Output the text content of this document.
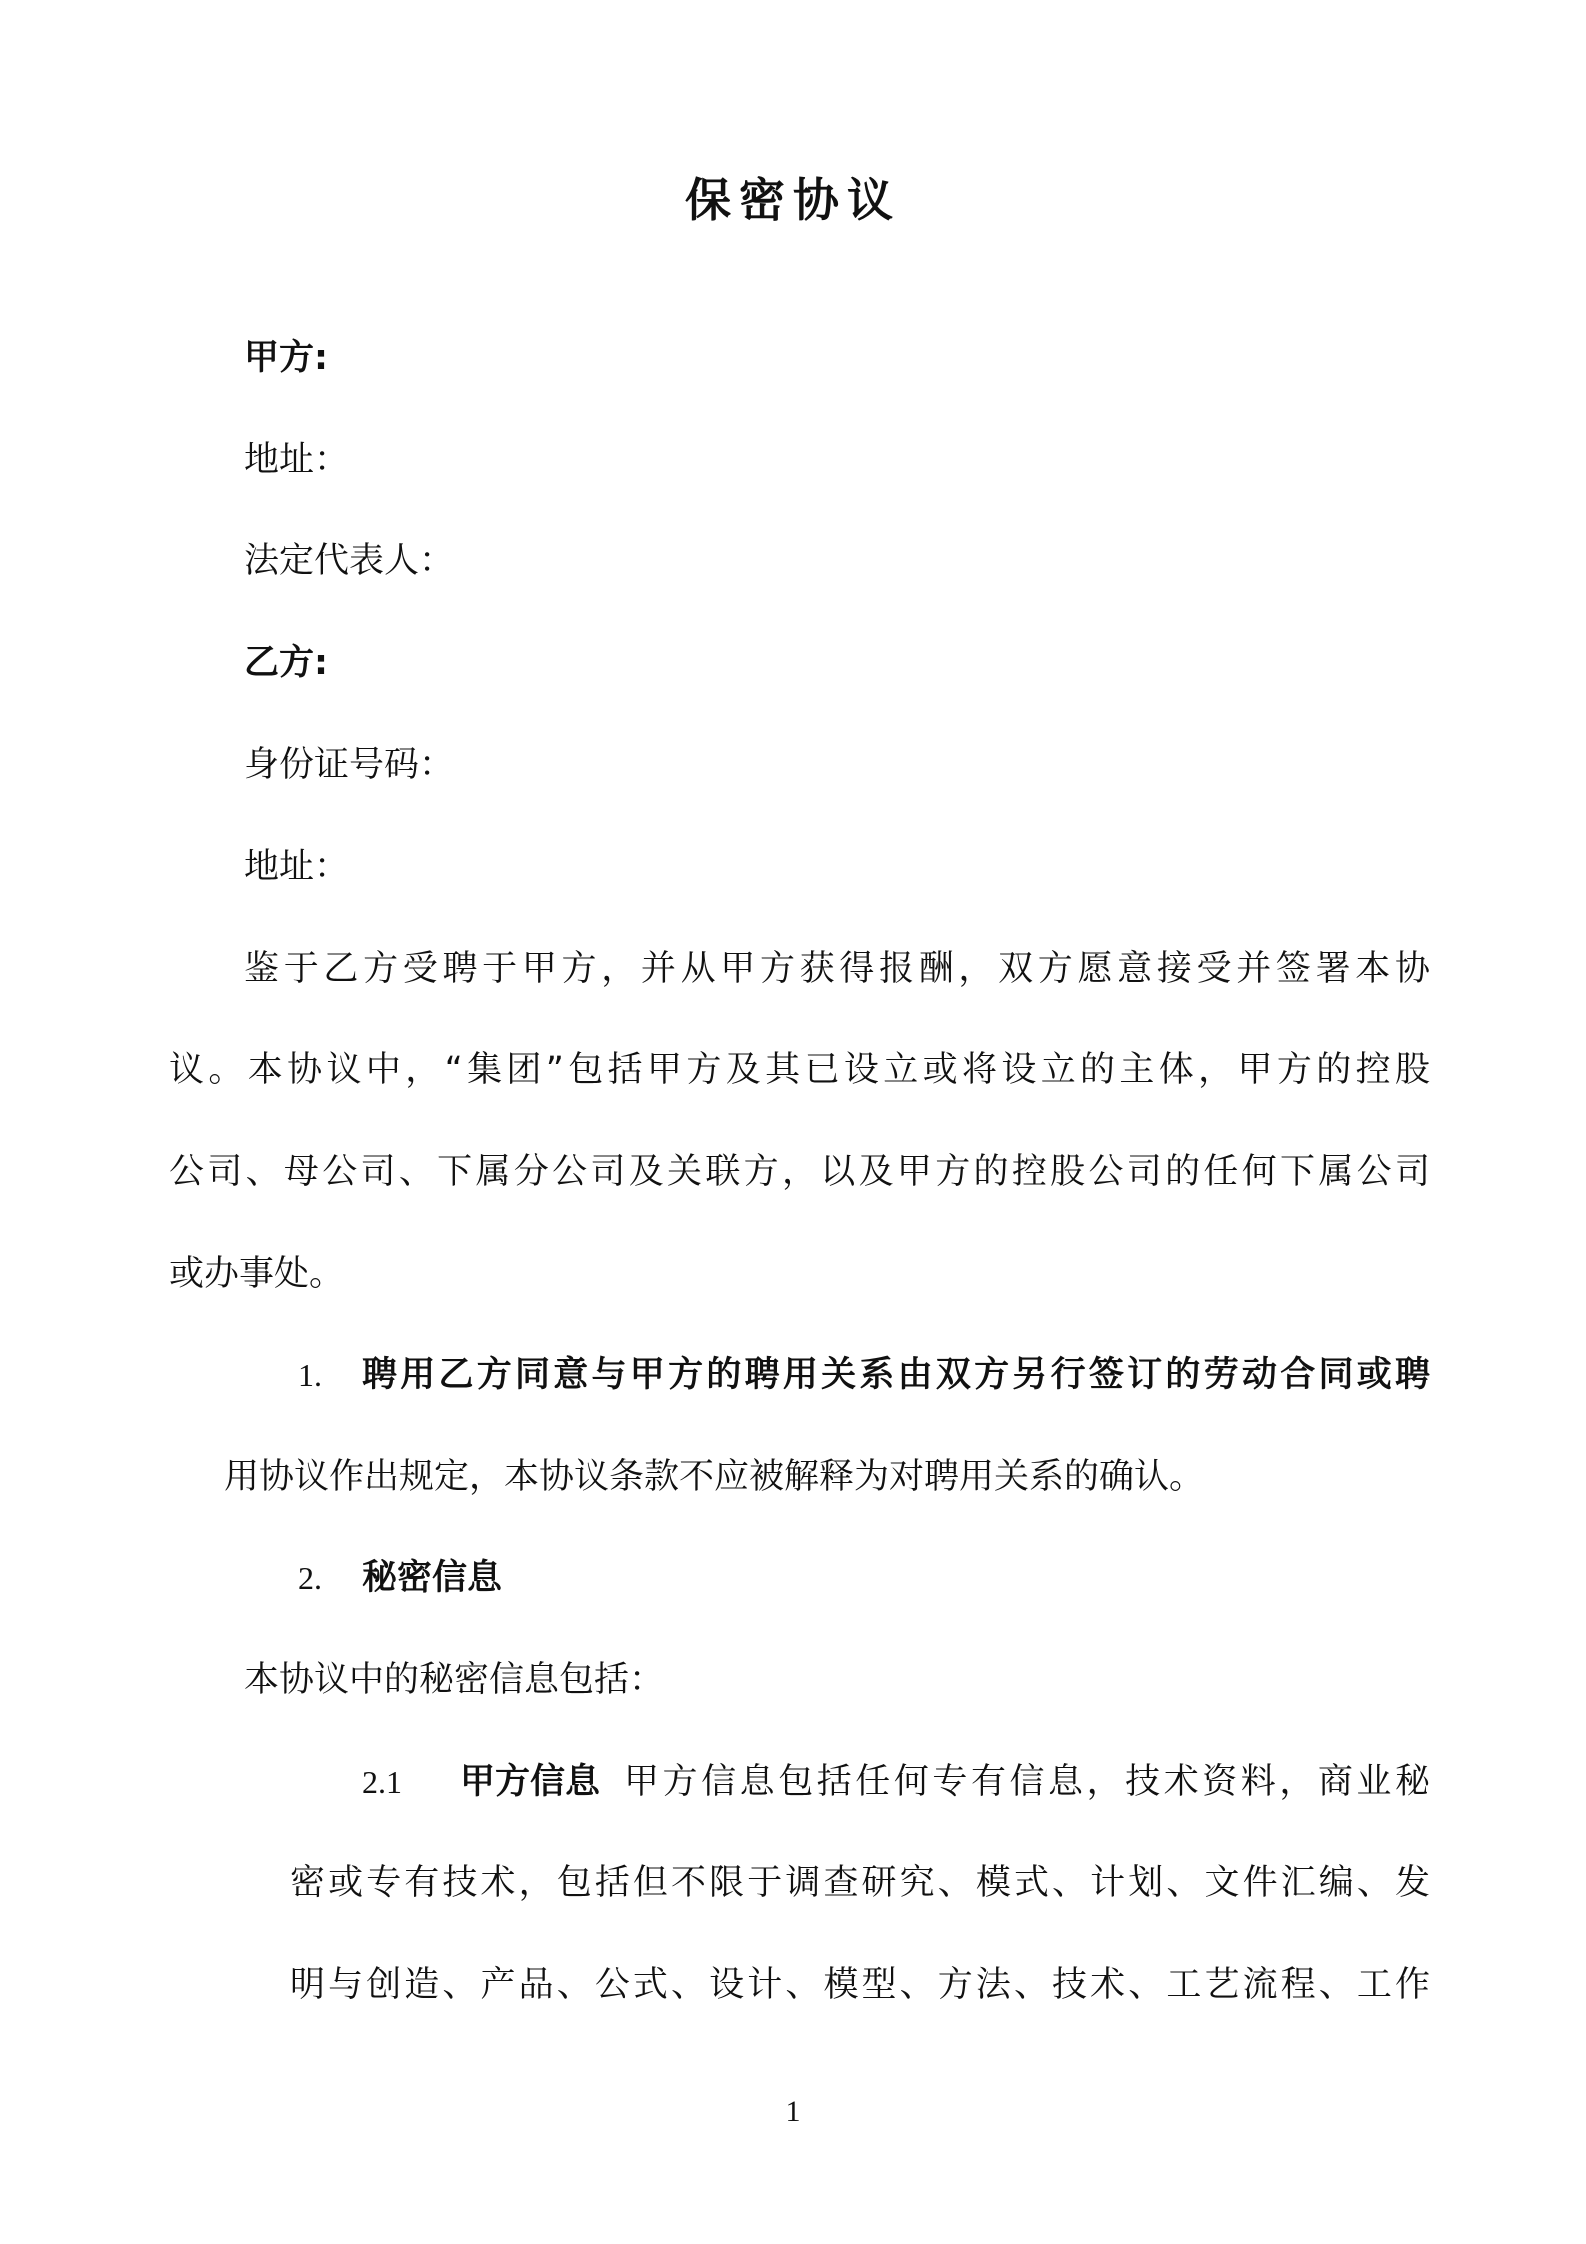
保密协议
甲方:
地址：
法定代表人：
乙方:
身份证号码：
地址：
鉴于乙方受聘于甲方，并从甲方获得报酬，双方愿意接受并签署本协
议。本协议中，“集团”包括甲方及其已设立或将设立的主体，甲方的控股
公司、母公司、下属分公司及关联方，以及甲方的控股公司的任何下属公司
或办事处。
1. 聘用乙方同意与甲方的聘用关系由双方另行签订的劳动合同或聘
用协议作出规定，本协议条款不应被解释为对聘用关系的确认。
2. 秘密信息
本协议中的秘密信息包括：
2.1 甲方信息 甲方信息包括任何专有信息，技术资料，商业秘
密或专有技术，包括但不限于调查研究、模式、计划、文件汇编、发
明与创造、产品、公式、设计、模型、方法、技术、工艺流程、工作
1
